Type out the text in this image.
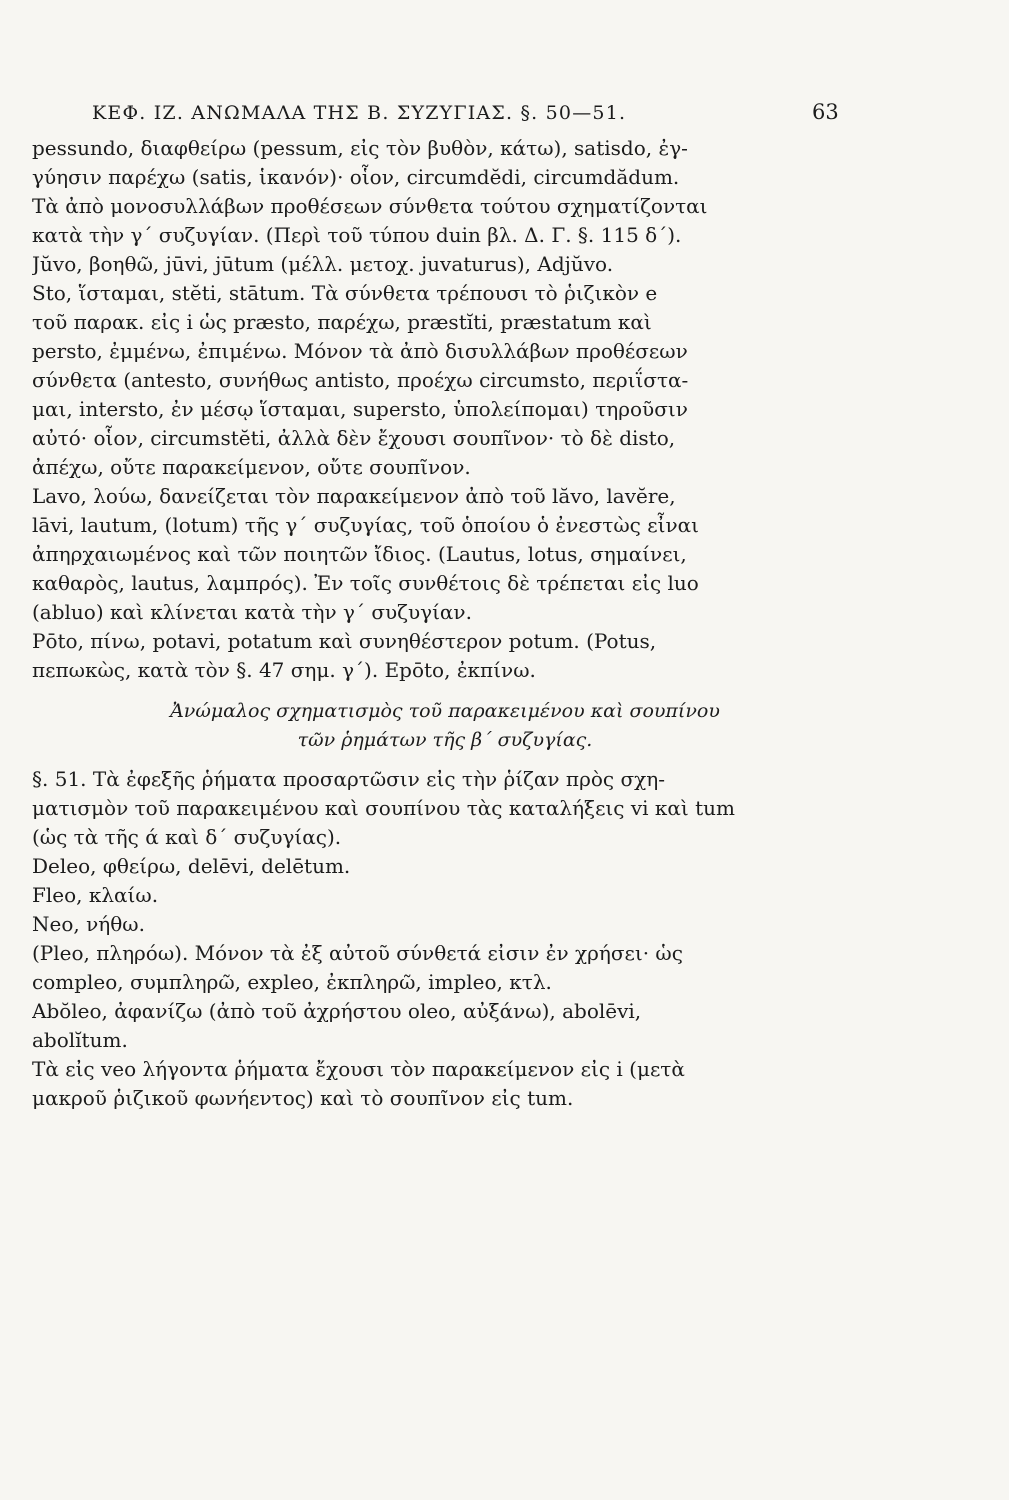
ΚΕΦ. ΙΖ. ΑΝΩΜΑΛΑ ΤΗΣ Β. ΣΥΖΥΓΙΑΣ. §. 50—51.	63
pessundo, διαφθείρω (pessum, εἰς τὸν βυθὸν, κάτω), satisdo, ἐγ-
γύησιν παρέχω (satis, ἱκανόν)· οἷον, circumdĕdi, circumdădum.
Τὰ ἀπὸ μονοσυλλάβων προθέσεων σύνθετα τούτου σχηματίζονται
κατὰ τὴν γ΄ συζυγίαν. (Περὶ τοῦ τύπου duin βλ. Δ. Γ. §. 115 δ΄).
Jŭvo, βοηθῶ, jūvi, jūtum (μέλλ. μετοχ. juvaturus), Adjŭvo.
Sto, ἵσταμαι, stĕti, stātum. Τὰ σύνθετα τρέπουσι τὸ ῥιζικὸν e
τοῦ παρακ. εἰς i ὡς præsto, παρέχω, præstĭti, præstatum καὶ
persto, ἐμμένω, ἐπιμένω. Μόνον τὰ ἀπὸ δισυλλάβων προθέσεων
σύνθετα (antesto, συνήθως antisto, προέχω circumsto, περιΐστα-
μαι, intersto, ἐν μέσῳ ἵσταμαι, supersto, ὑπολείπομαι) τηροῦσιν
αὐτό· οἷον, circumstĕti, ἀλλὰ δὲν ἔχουσι σουπῖνον· τὸ δὲ disto,
ἀπέχω, οὔτε παρακείμενον, οὔτε σουπῖνον.
Lavo, λούω, δανείζεται τὸν παρακείμενον ἀπὸ τοῦ lăvo, lavĕre,
lāvi, lautum, (lotum) τῆς γ΄ συζυγίας, τοῦ ὁποίου ὁ ἐνεστὼς εἶναι
ἀπηρχαιωμένος καὶ τῶν ποιητῶν ἴδιος. (Lautus, lotus, σημαίνει,
καθαρὸς, lautus, λαμπρός). Ἐν τοῖς συνθέτοις δὲ τρέπεται εἰς luo
(abluo) καὶ κλίνεται κατὰ τὴν γ΄ συζυγίαν.
Pōto, πίνω, potavi, potatum καὶ συνηθέστερον potum. (Potus,
πεπωκὼς, κατὰ τὸν §. 47 σημ. γ΄). Epōto, ἐκπίνω.
Ἀνώμαλος σχηματισμὸς τοῦ παρακειμένου καὶ σουπίνου
τῶν ῥημάτων τῆς β΄ συζυγίας.
§. 51. Τὰ ἐφεξῆς ῥήματα προσαρτῶσιν εἰς τὴν ῥίζαν πρὸς σχη-
ματισμὸν τοῦ παρακειμένου καὶ σουπίνου τὰς καταλήξεις vi καὶ tum
(ὡς τὰ τῆς ά καὶ δ΄ συζυγίας).
Deleo, φθείρω, delēvi, delētum.
Fleo, κλαίω.
Neo, νήθω.
(Pleo, πληρόω). Μόνον τὰ ἐξ αὐτοῦ σύνθετά εἰσιν ἐν χρήσει· ὡς
compleo, συμπληρῶ, expleo, ἐκπληρῶ, impleo, κτλ.
Abŏleo, ἀφανίζω (ἀπὸ τοῦ ἀχρήστου oleo, αὐξάνω), abolēvi,
abolĭtum.
Τὰ εἰς veo λήγοντα ῥήματα ἔχουσι τὸν παρακείμενον εἰς i (μετὰ
μακροῦ ῥιζικοῦ φωνήεντος) καὶ τὸ σουπῖνον εἰς tum.
